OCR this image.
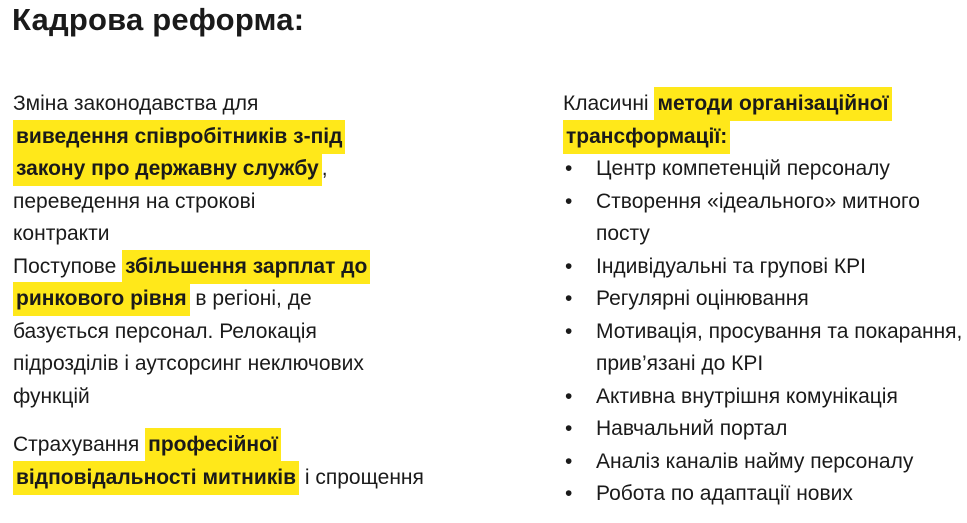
Кадрова реформа:

Зміна законодавства для
виведення співробітників з-під
закону про державну службу ,
переведення на строкові
контракти

Поступове збільшення зарплат до
ринкового рівня в регіоні, де
базується персонал. Релокація
підрозділів і аутсорсинг неключових
функцій

Страхування професійної
відповідальності митників і спрощення

Класичні методи організаційної
трансформації:

• Центр компетенцій персоналу
• Створення «ідеального» митного посту
• Індивідуальні та групові КРІ
• Регулярні оцінювання
• Мотивація, просування та покарання, прив’язані до КРІ
• Активна внутрішня комунікація
• Навчальний портал
• Аналіз каналів найму персоналу
• Робота по адаптації нових
